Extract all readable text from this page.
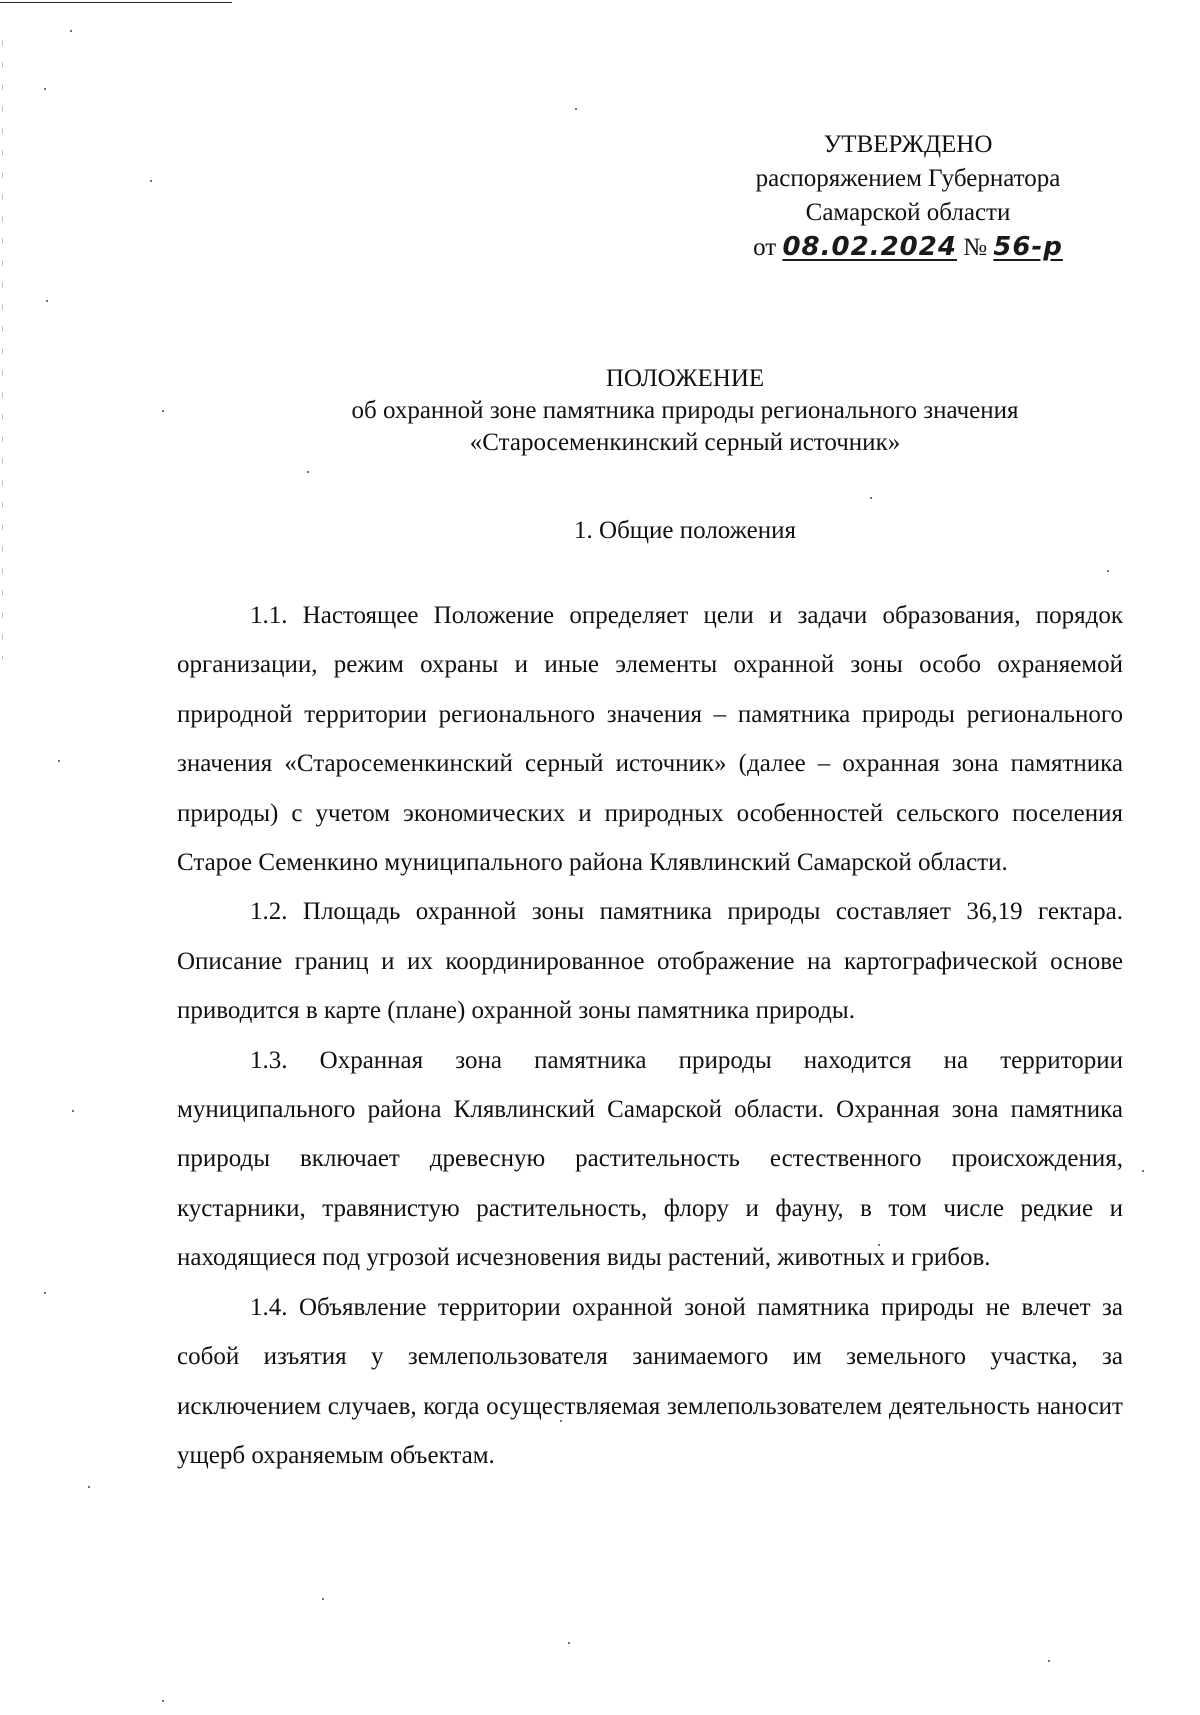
УТВЕРЖДЕНО
распоряжением Губернатора
Самарской области
от 08.02.2024 № 56-р
ПОЛОЖЕНИЕ
об охранной зоне памятника природы регионального значения
«Старосеменкинский серный источник»
1. Общие положения

1.1. Настоящее Положение определяет цели и задачи образования, порядок организации, режим охраны и иные элементы охранной зоны особо охраняемой природной территории регионального значения – памятника природы регионального значения «Старосеменкинский серный источник» (далее – охранная зона памятника природы) с учетом экономических и природных особенностей сельского поселения Старое Семенкино муниципального района Клявлинский Самарской области.

1.2. Площадь охранной зоны памятника природы составляет 36,19 гектара. Описание границ и их координированное отображение на картографической основе приводится в карте (плане) охранной зоны памятника природы.

1.3. Охранная зона памятника природы находится на территории муниципального района Клявлинский Самарской области. Охранная зона памятника природы включает древесную растительность естественного происхождения, кустарники, травянистую растительность, флору и фауну, в том числе редкие и находящиеся под угрозой исчезновения виды растений, животных и грибов.

1.4. Объявление территории охранной зоной памятника природы не влечет за собой изъятия у землепользователя занимаемого им земельного участка, за исключением случаев, когда осуществляемая землепользователем деятельность наносит ущерб охраняемым объектам.
